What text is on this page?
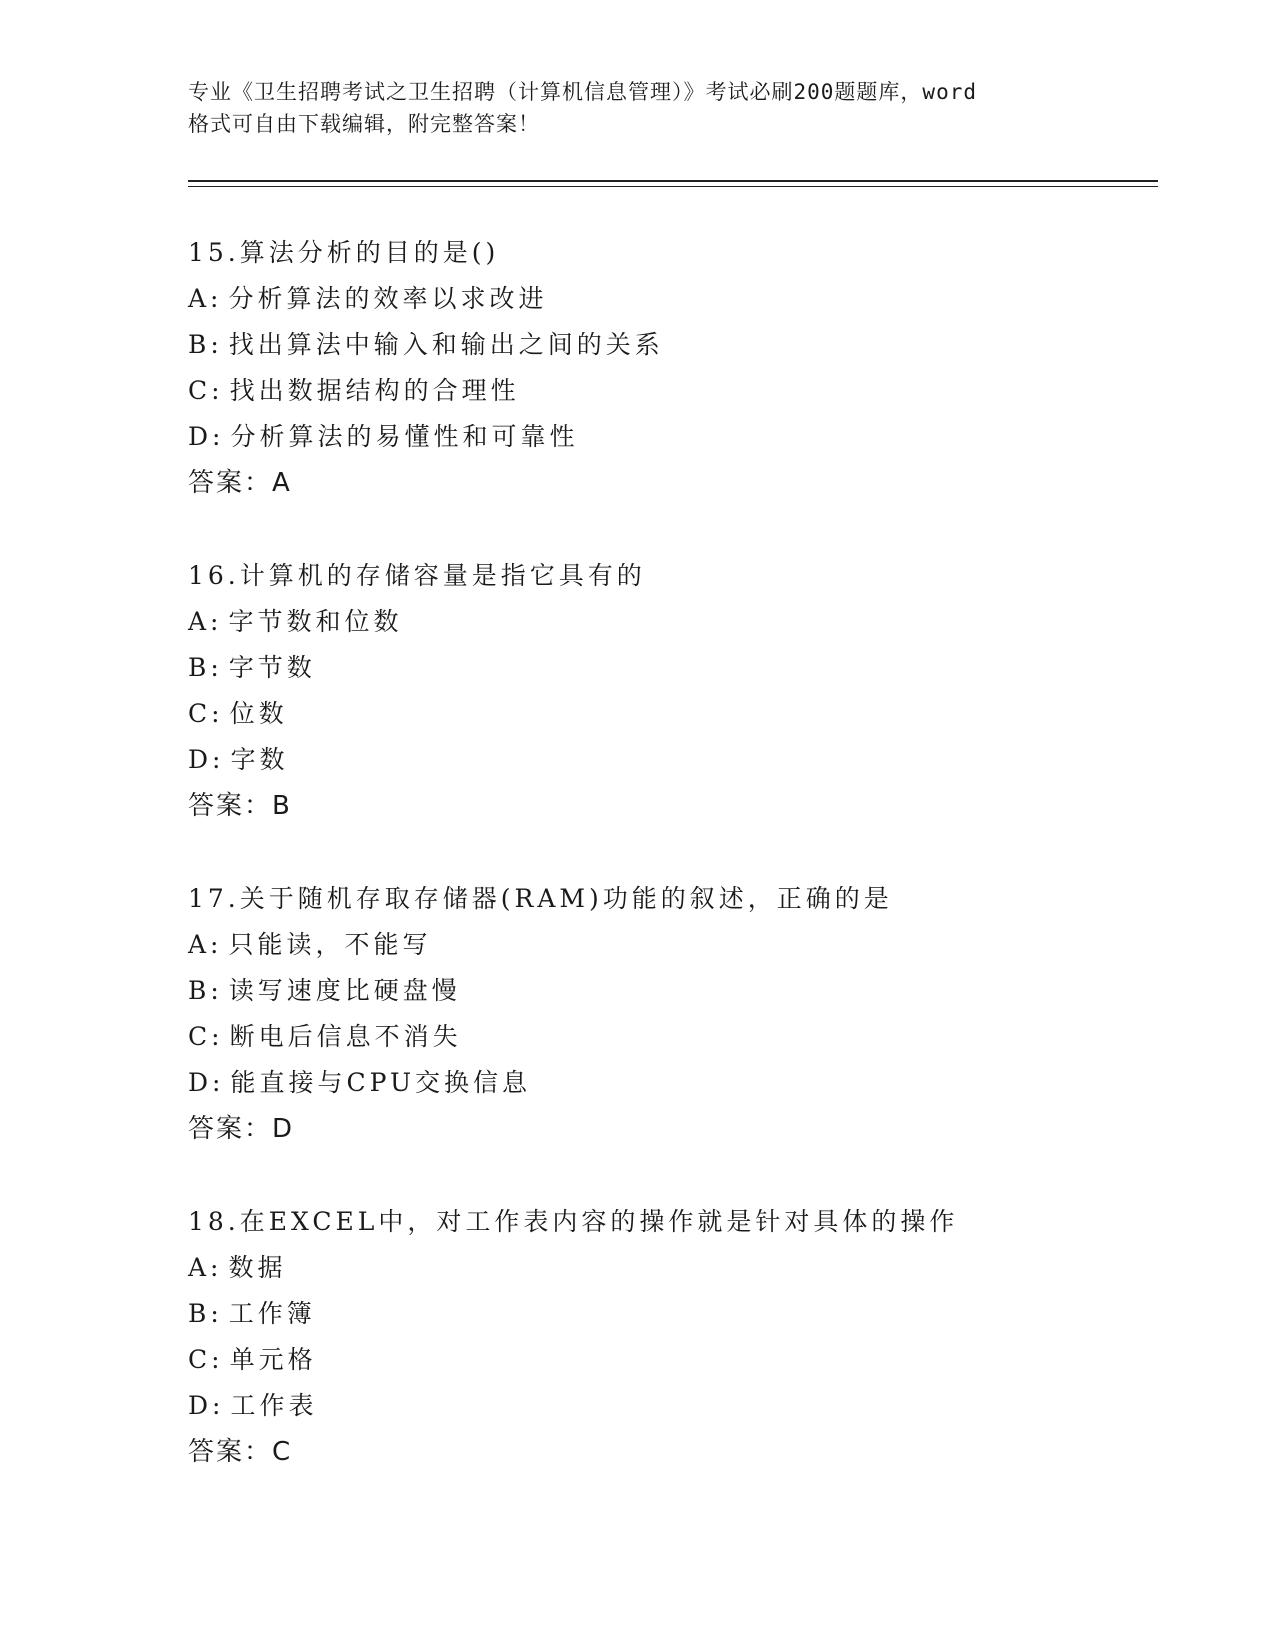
专业《卫生招聘考试之卫生招聘（计算机信息管理）》考试必刷200题题库，word
格式可自由下载编辑，附完整答案！
15.算法分析的目的是()
A: 分析算法的效率以求改进
B: 找出算法中输入和输出之间的关系
C: 找出数据结构的合理性
D: 分析算法的易懂性和可靠性
答案：A
16.计算机的存储容量是指它具有的
A: 字节数和位数
B: 字节数
C: 位数
D: 字数
答案：B
17.关于随机存取存储器(RAM)功能的叙述，正确的是
A: 只能读，不能写
B: 读写速度比硬盘慢
C: 断电后信息不消失
D: 能直接与CPU交换信息
答案：D
18.在EXCEL中，对工作表内容的操作就是针对具体的操作
A: 数据
B: 工作簿
C: 单元格
D: 工作表
答案：C
